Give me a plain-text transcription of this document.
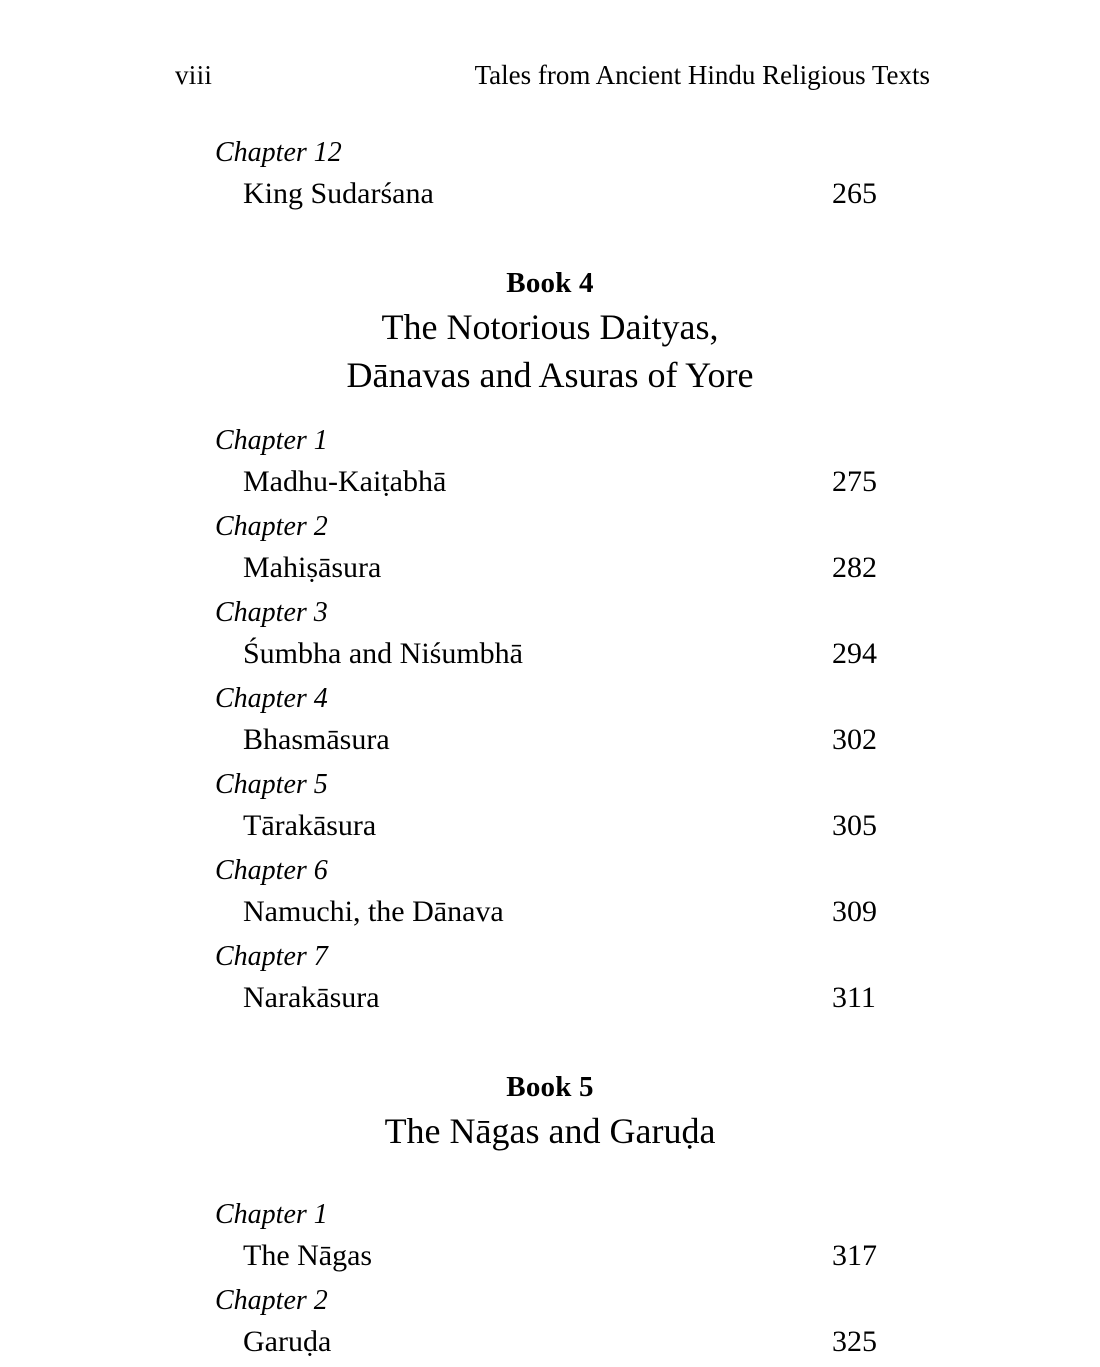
viii	Tales from Ancient Hindu Religious Texts
Chapter 12
King Sudarśana	265
Book 4
The Notorious Daityas,
Dānavas and Asuras of Yore
Chapter 1
Madhu-Kaiṭabhā	275
Chapter 2
Mahiṣāsura	282
Chapter 3
Śumbha and Niśumbhā	294
Chapter 4
Bhasmāsura	302
Chapter 5
Tārakāsura	305
Chapter 6
Namuchi, the Dānava	309
Chapter 7
Narakāsura	311
Book 5
The Nāgas and Garuḍa
Chapter 1
The Nāgas	317
Chapter 2
Garuḍa	325
